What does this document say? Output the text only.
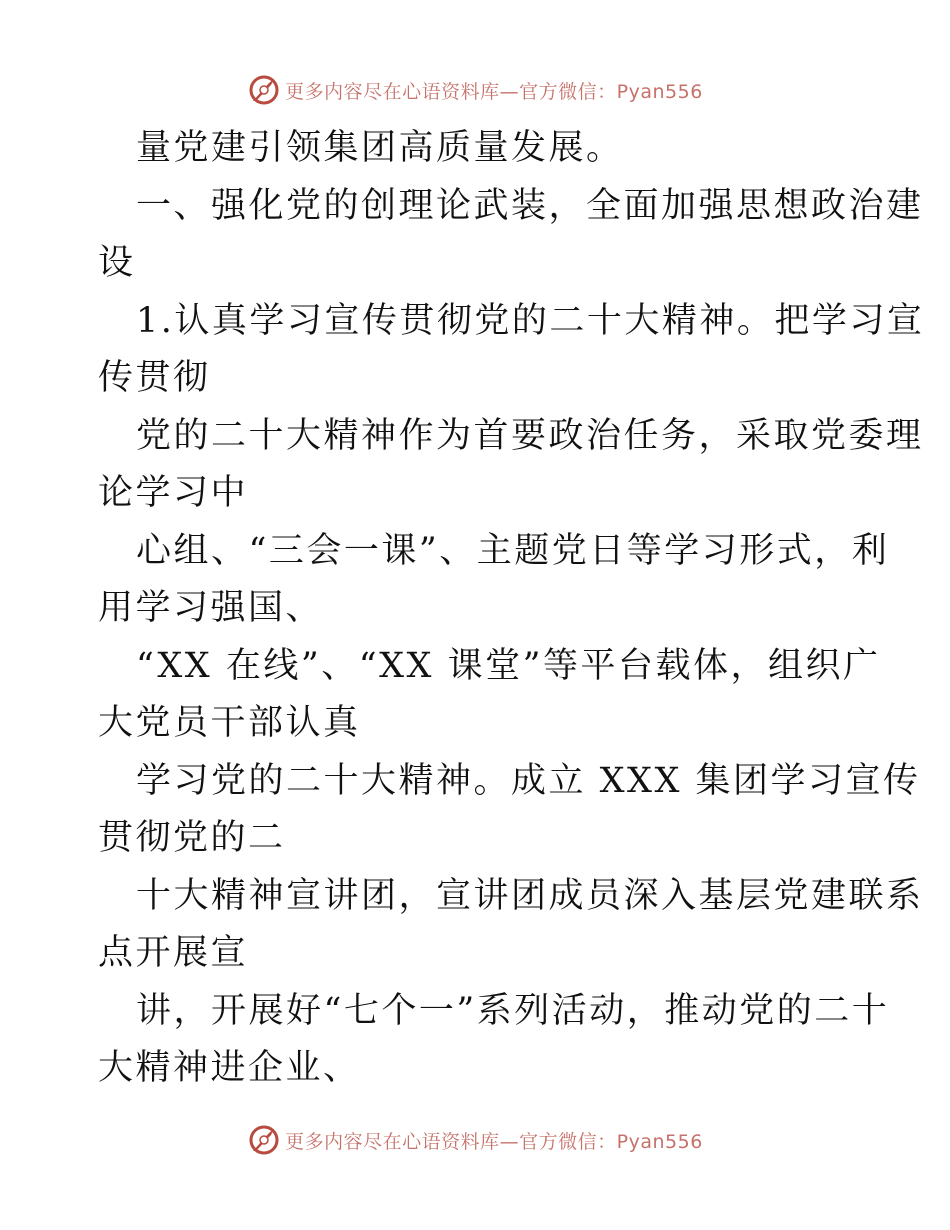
更多内容尽在心语资料库—官方微信：Pyan556

量党建引领集团高质量发展。

一、强化党的创理论武装，全面加强思想政治建

设

1.认真学习宣传贯彻党的二十大精神。把学习宣

传贯彻

党的二十大精神作为首要政治任务，采取党委理

论学习中

心组、“三会一课”、主题党日等学习形式，利

用学习强国、

“XX 在线”、“XX 课堂”等平台载体，组织广

大党员干部认真

学习党的二十大精神。成立 XXX 集团学习宣传

贯彻党的二

十大精神宣讲团，宣讲团成员深入基层党建联系

点开展宣

讲，开展好“七个一”系列活动，推动党的二十

大精神进企业、

更多内容尽在心语资料库—官方微信：Pyan556
